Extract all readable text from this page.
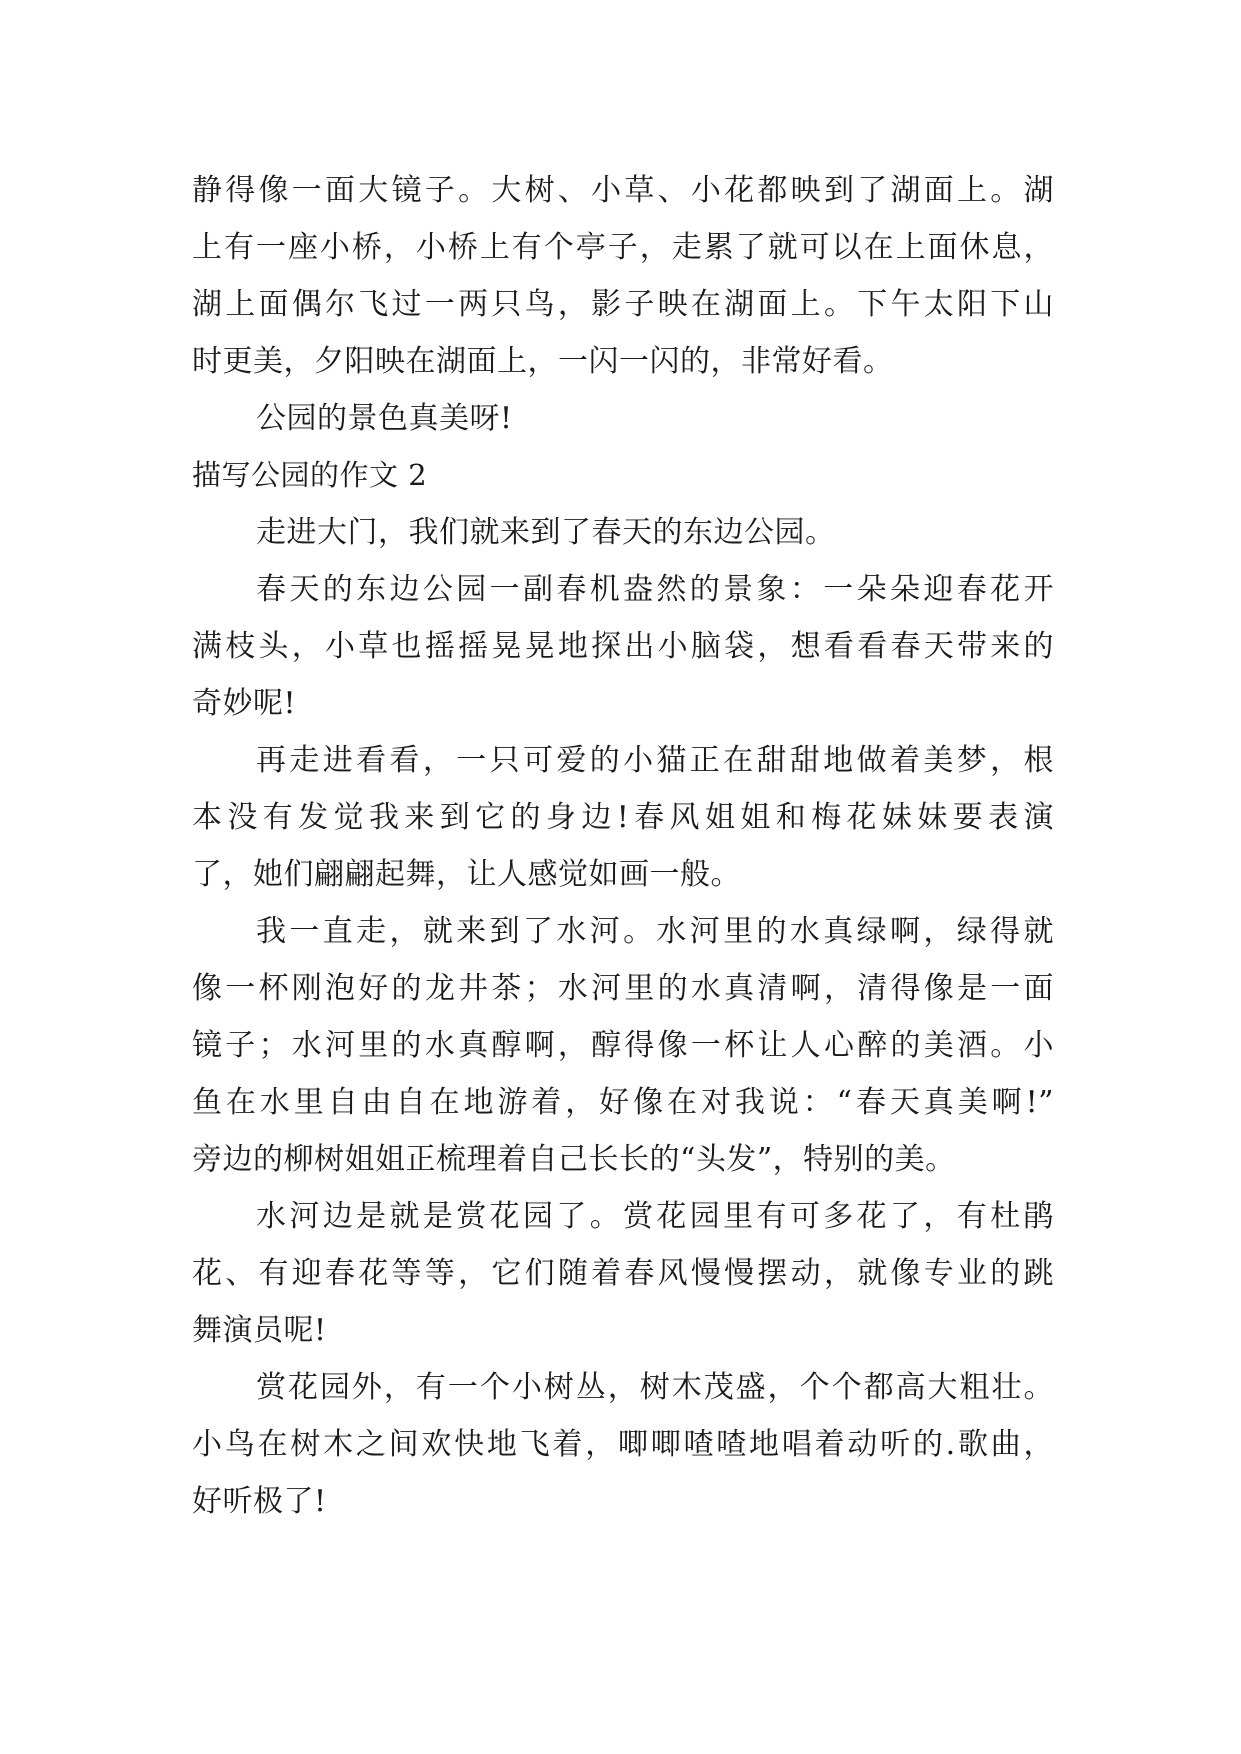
静得像一面大镜子。大树、小草、小花都映到了湖面上。湖
上有一座小桥，小桥上有个亭子，走累了就可以在上面休息，
湖上面偶尔飞过一两只鸟，影子映在湖面上。下午太阳下山
时更美，夕阳映在湖面上，一闪一闪的，非常好看。
公园的景色真美呀!
描写公园的作文 2
走进大门，我们就来到了春天的东边公园。
春天的东边公园一副春机盎然的景象：一朵朵迎春花开
满枝头，小草也摇摇晃晃地探出小脑袋，想看看春天带来的
奇妙呢!
再走进看看，一只可爱的小猫正在甜甜地做着美梦，根
本没有发觉我来到它的身边!春风姐姐和梅花妹妹要表演
了，她们翩翩起舞，让人感觉如画一般。
我一直走，就来到了水河。水河里的水真绿啊，绿得就
像一杯刚泡好的龙井茶；水河里的水真清啊，清得像是一面
镜子；水河里的水真醇啊，醇得像一杯让人心醉的美酒。小
鱼在水里自由自在地游着，好像在对我说：“春天真美啊!”
旁边的柳树姐姐正梳理着自己长长的“头发”，特别的美。
水河边是就是赏花园了。赏花园里有可多花了，有杜鹃
花、有迎春花等等，它们随着春风慢慢摆动，就像专业的跳
舞演员呢!
赏花园外，有一个小树丛，树木茂盛，个个都高大粗壮。
小鸟在树木之间欢快地飞着，唧唧喳喳地唱着动听的.歌曲，
好听极了!
